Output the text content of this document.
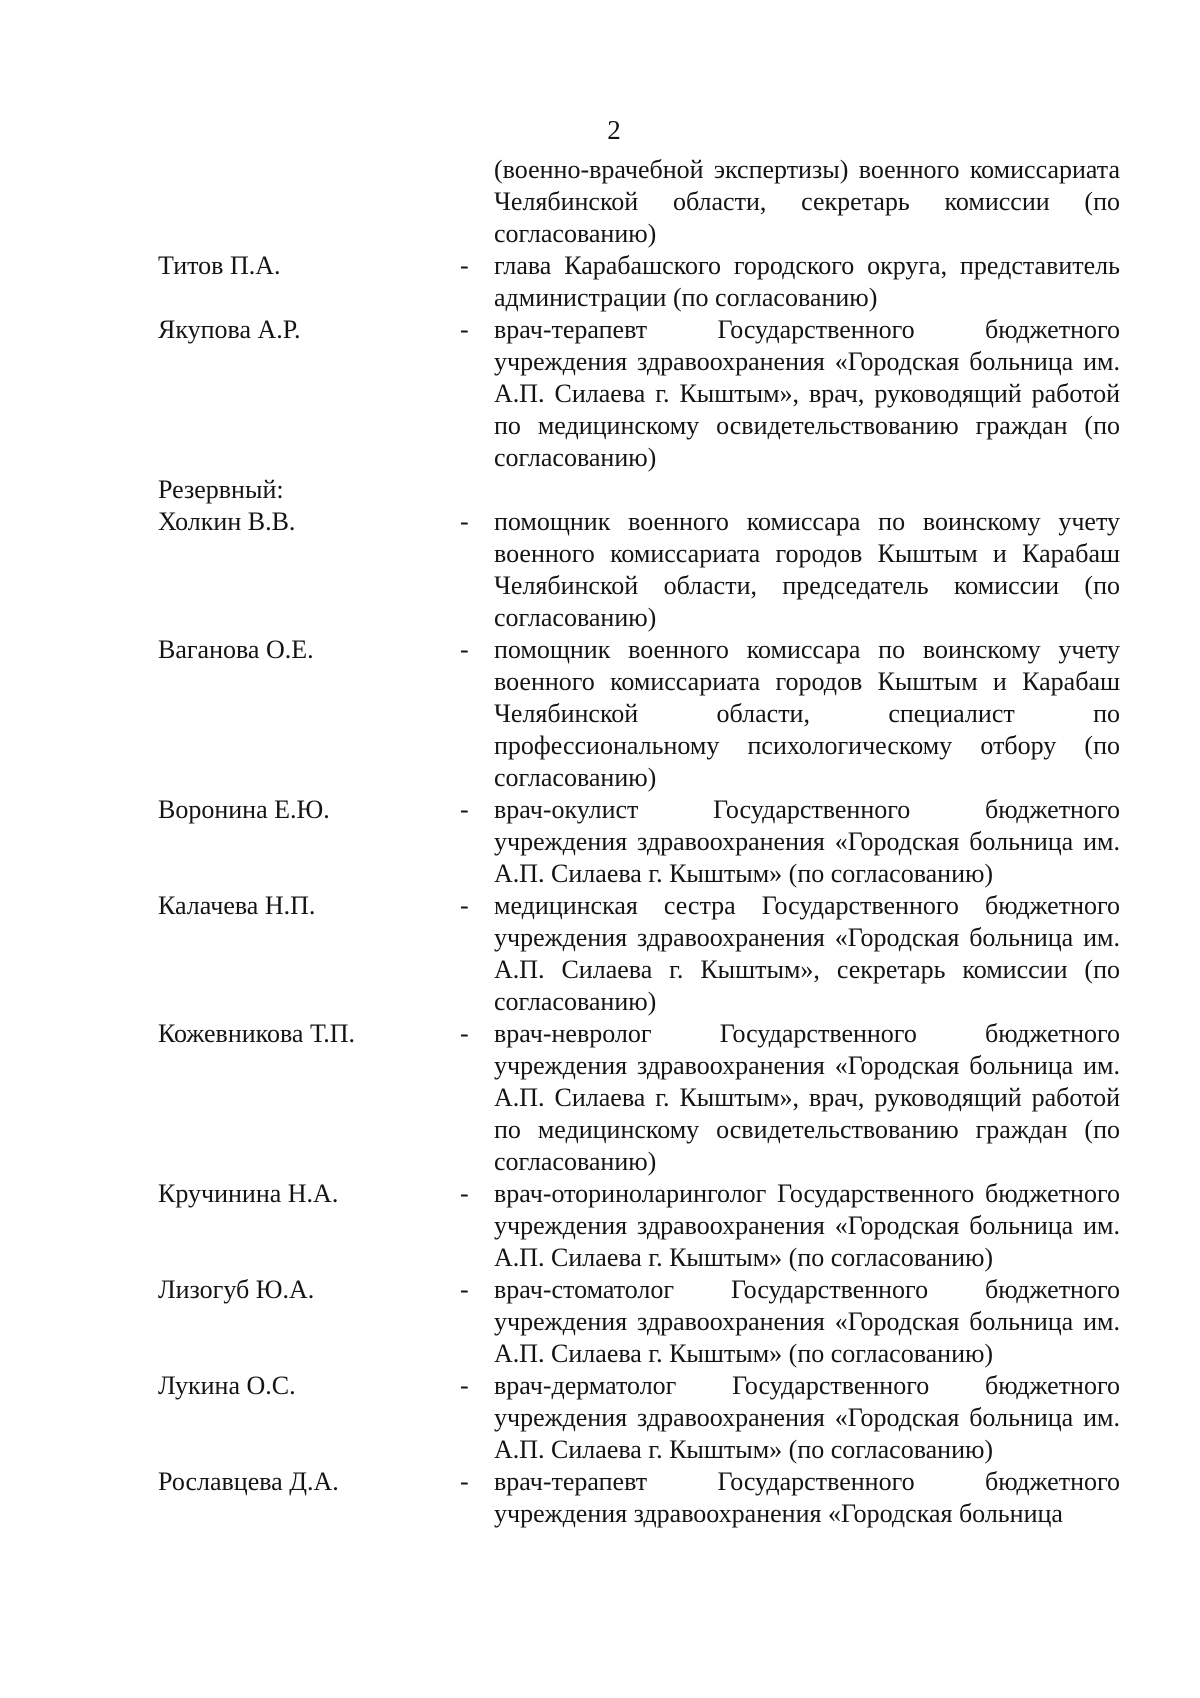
2
(военно-врачебной экспертизы) военного комиссариата Челябинской области, секретарь комиссии (по согласованию)
Титов П.А.	- глава Карабашского городского округа, представитель администрации (по согласованию)
Якупова А.Р.	- врач-терапевт Государственного бюджетного учреждения здравоохранения «Городская больница им. А.П. Силаева г. Кыштым», врач, руководящий работой по медицинскому освидетельствованию граждан (по согласованию)
Резервный:
Холкин В.В.	- помощник военного комиссара по воинскому учету военного комиссариата городов Кыштым и Карабаш Челябинской области, председатель комиссии (по согласованию)
Ваганова О.Е.	- помощник военного комиссара по воинскому учету военного комиссариата городов Кыштым и Карабаш Челябинской области, специалист по профессиональному психологическому отбору (по согласованию)
Воронина Е.Ю.	- врач-окулист Государственного бюджетного учреждения здравоохранения «Городская больница им. А.П. Силаева г. Кыштым» (по согласованию)
Калачева Н.П.	- медицинская сестра Государственного бюджетного учреждения здравоохранения «Городская больница им. А.П. Силаева г. Кыштым», секретарь комиссии (по согласованию)
Кожевникова Т.П.	- врач-невролог Государственного бюджетного учреждения здравоохранения «Городская больница им. А.П. Силаева г. Кыштым», врач, руководящий работой по медицинскому освидетельствованию граждан (по согласованию)
Кручинина Н.А.	- врач-оториноларинголог Государственного бюджетного учреждения здравоохранения «Городская больница им. А.П. Силаева г. Кыштым» (по согласованию)
Лизогуб Ю.А.	- врач-стоматолог Государственного бюджетного учреждения здравоохранения «Городская больница им. А.П. Силаева г. Кыштым» (по согласованию)
Лукина О.С.	- врач-дерматолог Государственного бюджетного учреждения здравоохранения «Городская больница им. А.П. Силаева г. Кыштым» (по согласованию)
Рославцева Д.А.	- врач-терапевт Государственного бюджетного учреждения здравоохранения «Городская больница
